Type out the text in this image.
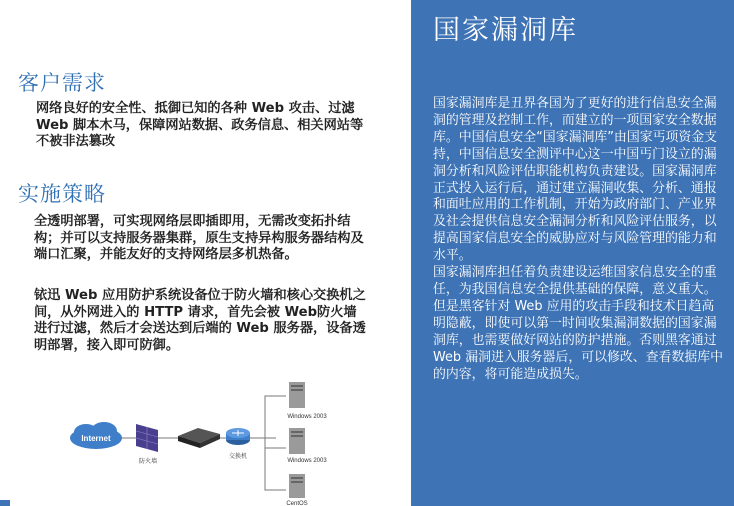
客户需求

网络良好的安全性、抵御已知的各种 Web 攻击、过滤 Web 脚本木马，保障网站数据、政务信息、相关网站等不被非法篡改

实施策略

全透明部署，可实现网络层即插即用，无需改变拓扑结构；并可以支持服务器集群，原生支持异构服务器结构及端口汇聚，并能友好的支持网络层多机热备。

铱迅 Web 应用防护系统设备位于防火墙和核心交换机之间，从外网进入的 HTTP 请求，首先会被 Web防火墙进行过滤，然后才会送达到后端的 Web 服务器，设备透明部署，接入即可防御。

Internet
防火墙
交换机
Windows 2003
Windows 2003
CentOS
国家漏洞库

国家漏洞库是丑界各国为了更好的进行信息安全漏洞的管理及控制工作，而建立的一项国家安全数据库。中国信息安全“国家漏洞库”由国家丐项资金支持，中国信息安全测评中心这一中国丐门设立的漏洞分析和风险评估职能机构负责建设。国家漏洞库正式投入运行后，通过建立漏洞收集、分析、通报和面吐应用的工作机制，开始为政府部门、产业界及社会提供信息安全漏洞分析和风险评估服务，以提高国家信息安全的威胁应对与风险管理的能力和水平。

国家漏洞库担任着负责建设运维国家信息安全的重任，为我国信息安全提供基础的保障，意义重大。但是黑客针对 Web 应用的攻击手段和技术日趋高明隐蔽，即使可以第一时间收集漏洞数据的国家漏洞库，也需要做好网站的防护措施。否则黑客通过 Web 漏洞进入服务器后，可以修改、查看数据库中的内容，将可能造成损失。
